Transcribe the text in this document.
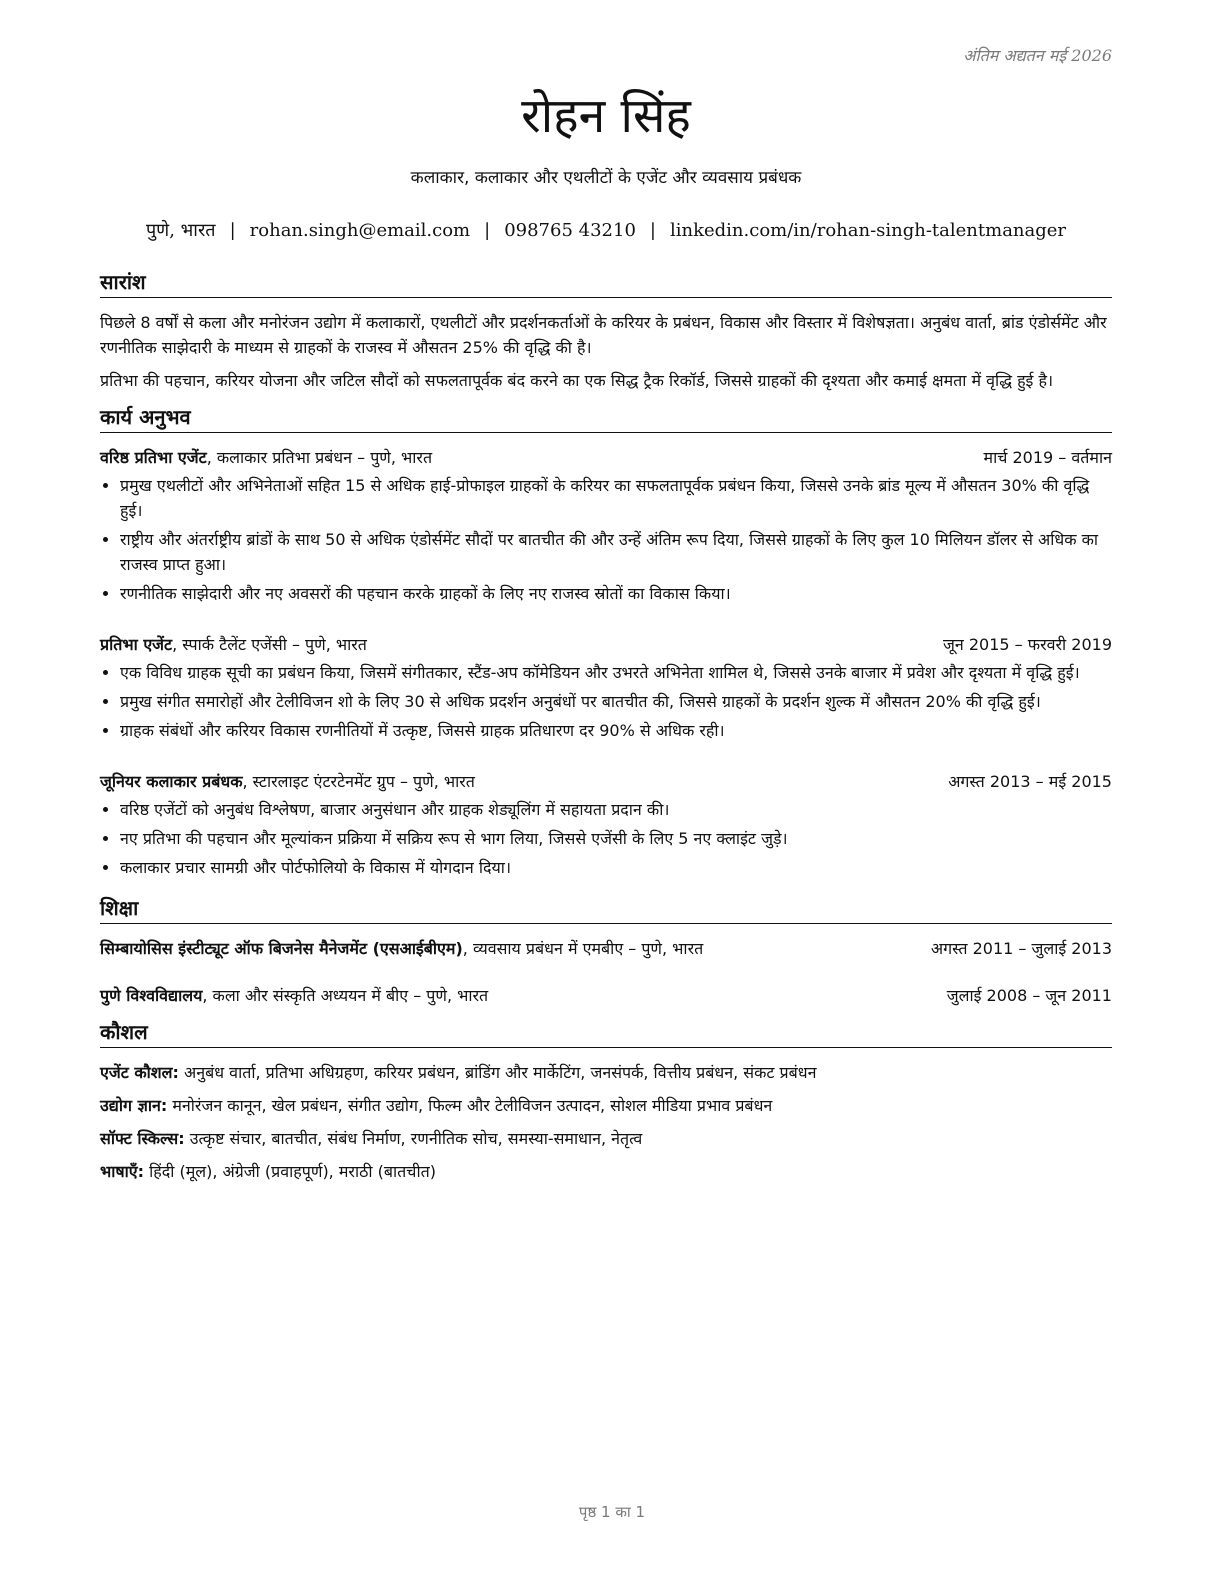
अंतिम अद्यतन मई 2026
रोहन सिंह
कलाकार, कलाकार और एथलीटों के एजेंट और व्यवसाय प्रबंधक
पुणे, भारत | rohan.singh@email.com | 098765 43210 | linkedin.com/in/rohan-singh-talentmanager
सारांश

पिछले 8 वर्षों से कला और मनोरंजन उद्योग में कलाकारों, एथलीटों और प्रदर्शनकर्ताओं के करियर के प्रबंधन, विकास और विस्तार में विशेषज्ञता। अनुबंध वार्ता, ब्रांड एंडोर्समेंट और रणनीतिक साझेदारी के माध्यम से ग्राहकों के राजस्व में औसतन 25% की वृद्धि की है।

प्रतिभा की पहचान, करियर योजना और जटिल सौदों को सफलतापूर्वक बंद करने का एक सिद्ध ट्रैक रिकॉर्ड, जिससे ग्राहकों की दृश्यता और कमाई क्षमता में वृद्धि हुई है।

कार्य अनुभव
वरिष्ठ प्रतिभा एजेंट, कलाकार प्रतिभा प्रबंधन – पुणे, भारत	मार्च 2019 – वर्तमान
• प्रमुख एथलीटों और अभिनेताओं सहित 15 से अधिक हाई-प्रोफाइल ग्राहकों के करियर का सफलतापूर्वक प्रबंधन किया, जिससे उनके ब्रांड मूल्य में औसतन 30% की वृद्धि हुई।
• राष्ट्रीय और अंतर्राष्ट्रीय ब्रांडों के साथ 50 से अधिक एंडोर्समेंट सौदों पर बातचीत की और उन्हें अंतिम रूप दिया, जिससे ग्राहकों के लिए कुल 10 मिलियन डॉलर से अधिक का राजस्व प्राप्त हुआ।
• रणनीतिक साझेदारी और नए अवसरों की पहचान करके ग्राहकों के लिए नए राजस्व स्रोतों का विकास किया।
प्रतिभा एजेंट, स्पार्क टैलेंट एजेंसी – पुणे, भारत	जून 2015 – फरवरी 2019
• एक विविध ग्राहक सूची का प्रबंधन किया, जिसमें संगीतकार, स्टैंड-अप कॉमेडियन और उभरते अभिनेता शामिल थे, जिससे उनके बाजार में प्रवेश और दृश्यता में वृद्धि हुई।
• प्रमुख संगीत समारोहों और टेलीविजन शो के लिए 30 से अधिक प्रदर्शन अनुबंधों पर बातचीत की, जिससे ग्राहकों के प्रदर्शन शुल्क में औसतन 20% की वृद्धि हुई।
• ग्राहक संबंधों और करियर विकास रणनीतियों में उत्कृष्ट, जिससे ग्राहक प्रतिधारण दर 90% से अधिक रही।
जूनियर कलाकार प्रबंधक, स्टारलाइट एंटरटेनमेंट ग्रुप – पुणे, भारत	अगस्त 2013 – मई 2015
• वरिष्ठ एजेंटों को अनुबंध विश्लेषण, बाजार अनुसंधान और ग्राहक शेड्यूलिंग में सहायता प्रदान की।
• नए प्रतिभा की पहचान और मूल्यांकन प्रक्रिया में सक्रिय रूप से भाग लिया, जिससे एजेंसी के लिए 5 नए क्लाइंट जुड़े।
• कलाकार प्रचार सामग्री और पोर्टफोलियो के विकास में योगदान दिया।
शिक्षा
सिम्बायोसिस इंस्टीट्यूट ऑफ बिजनेस मैनेजमेंट (एसआईबीएम), व्यवसाय प्रबंधन में एमबीए – पुणे, भारत	अगस्त 2011 – जुलाई 2013
पुणे विश्वविद्यालय, कला और संस्कृति अध्ययन में बीए – पुणे, भारत	जुलाई 2008 – जून 2011
कौशल
एजेंट कौशल: अनुबंध वार्ता, प्रतिभा अधिग्रहण, करियर प्रबंधन, ब्रांडिंग और मार्केटिंग, जनसंपर्क, वित्तीय प्रबंधन, संकट प्रबंधन
उद्योग ज्ञान: मनोरंजन कानून, खेल प्रबंधन, संगीत उद्योग, फिल्म और टेलीविजन उत्पादन, सोशल मीडिया प्रभाव प्रबंधन
सॉफ्ट स्किल्स: उत्कृष्ट संचार, बातचीत, संबंध निर्माण, रणनीतिक सोच, समस्या-समाधान, नेतृत्व
भाषाएँ: हिंदी (मूल), अंग्रेजी (प्रवाहपूर्ण), मराठी (बातचीत)
पृष्ठ 1 का 1
